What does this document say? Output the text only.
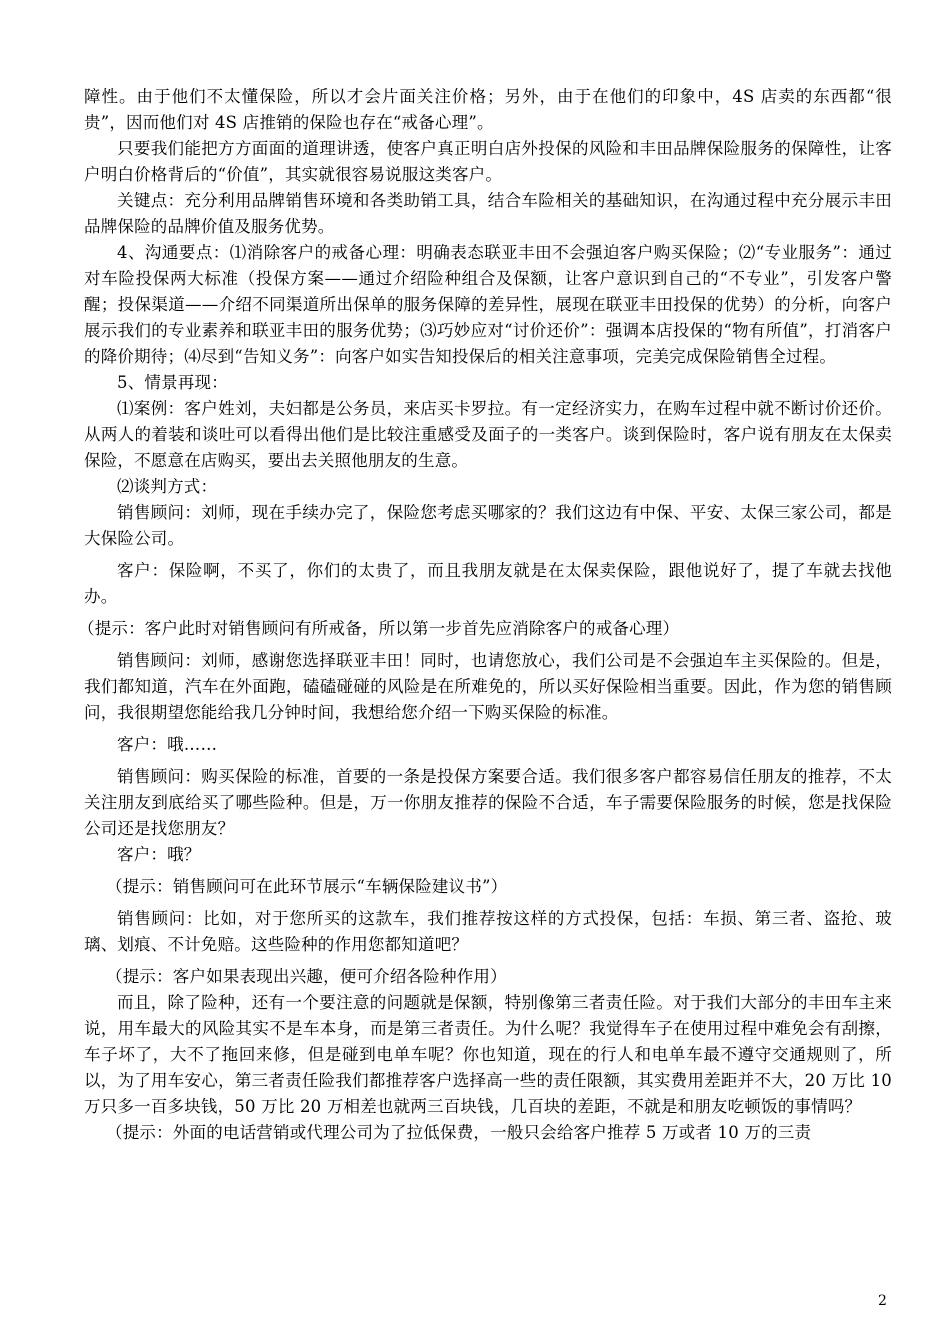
障性。由于他们不太懂保险，所以才会片面关注价格；另外，由于在他们的印象中，4S 店卖的东西都“很贵”，因而他们对 4S 店推销的保险也存在“戒备心理”。

只要我们能把方方面面的道理讲透，使客户真正明白店外投保的风险和丰田品牌保险服务的保障性，让客户明白价格背后的“价值”，其实就很容易说服这类客户。

关键点：充分利用品牌销售环境和各类助销工具，结合车险相关的基础知识，在沟通过程中充分展示丰田品牌保险的品牌价值及服务优势。

4、沟通要点：⑴消除客户的戒备心理：明确表态联亚丰田不会强迫客户购买保险；⑵“专业服务”：通过对车险投保两大标准（投保方案——通过介绍险种组合及保额，让客户意识到自己的“不专业”，引发客户警醒；投保渠道——介绍不同渠道所出保单的服务保障的差异性，展现在联亚丰田投保的优势）的分析，向客户展示我们的专业素养和联亚丰田的服务优势；⑶巧妙应对“讨价还价”：强调本店投保的“物有所值”，打消客户的降价期待；⑷尽到“告知义务”：向客户如实告知投保后的相关注意事项，完美完成保险销售全过程。

5、情景再现：

⑴案例：客户姓刘，夫妇都是公务员，来店买卡罗拉。有一定经济实力，在购车过程中就不断讨价还价。从两人的着装和谈吐可以看得出他们是比较注重感受及面子的一类客户。谈到保险时，客户说有朋友在太保卖保险，不愿意在店购买，要出去关照他朋友的生意。

⑵谈判方式：

销售顾问：刘师，现在手续办完了，保险您考虑买哪家的？我们这边有中保、平安、太保三家公司，都是大保险公司。

客户：保险啊，不买了，你们的太贵了，而且我朋友就是在太保卖保险，跟他说好了，提了车就去找他办。

（提示：客户此时对销售顾问有所戒备，所以第一步首先应消除客户的戒备心理）

销售顾问：刘师，感谢您选择联亚丰田！同时，也请您放心，我们公司是不会强迫车主买保险的。但是，我们都知道，汽车在外面跑，磕磕碰碰的风险是在所难免的，所以买好保险相当重要。因此，作为您的销售顾问，我很期望您能给我几分钟时间，我想给您介绍一下购买保险的标准。

客户：哦……

销售顾问：购买保险的标准，首要的一条是投保方案要合适。我们很多客户都容易信任朋友的推荐，不太关注朋友到底给买了哪些险种。但是，万一你朋友推荐的保险不合适，车子需要保险服务的时候，您是找保险公司还是找您朋友？

客户：哦？

（提示：销售顾问可在此环节展示“车辆保险建议书”）

销售顾问：比如，对于您所买的这款车，我们推荐按这样的方式投保，包括：车损、第三者、盗抢、玻璃、划痕、不计免赔。这些险种的作用您都知道吧？

（提示：客户如果表现出兴趣，便可介绍各险种作用）

而且，除了险种，还有一个要注意的问题就是保额，特别像第三者责任险。对于我们大部分的丰田车主来说，用车最大的风险其实不是车本身，而是第三者责任。为什么呢？我觉得车子在使用过程中难免会有刮擦，车子坏了，大不了拖回来修，但是碰到电单车呢？你也知道，现在的行人和电单车最不遵守交通规则了，所以，为了用车安心，第三者责任险我们都推荐客户选择高一些的责任限额，其实费用差距并不大，20 万比 10 万只多一百多块钱，50 万比 20 万相差也就两三百块钱，几百块的差距，不就是和朋友吃顿饭的事情吗？

（提示：外面的电话营销或代理公司为了拉低保费，一般只会给客户推荐 5 万或者 10 万的三责

2
